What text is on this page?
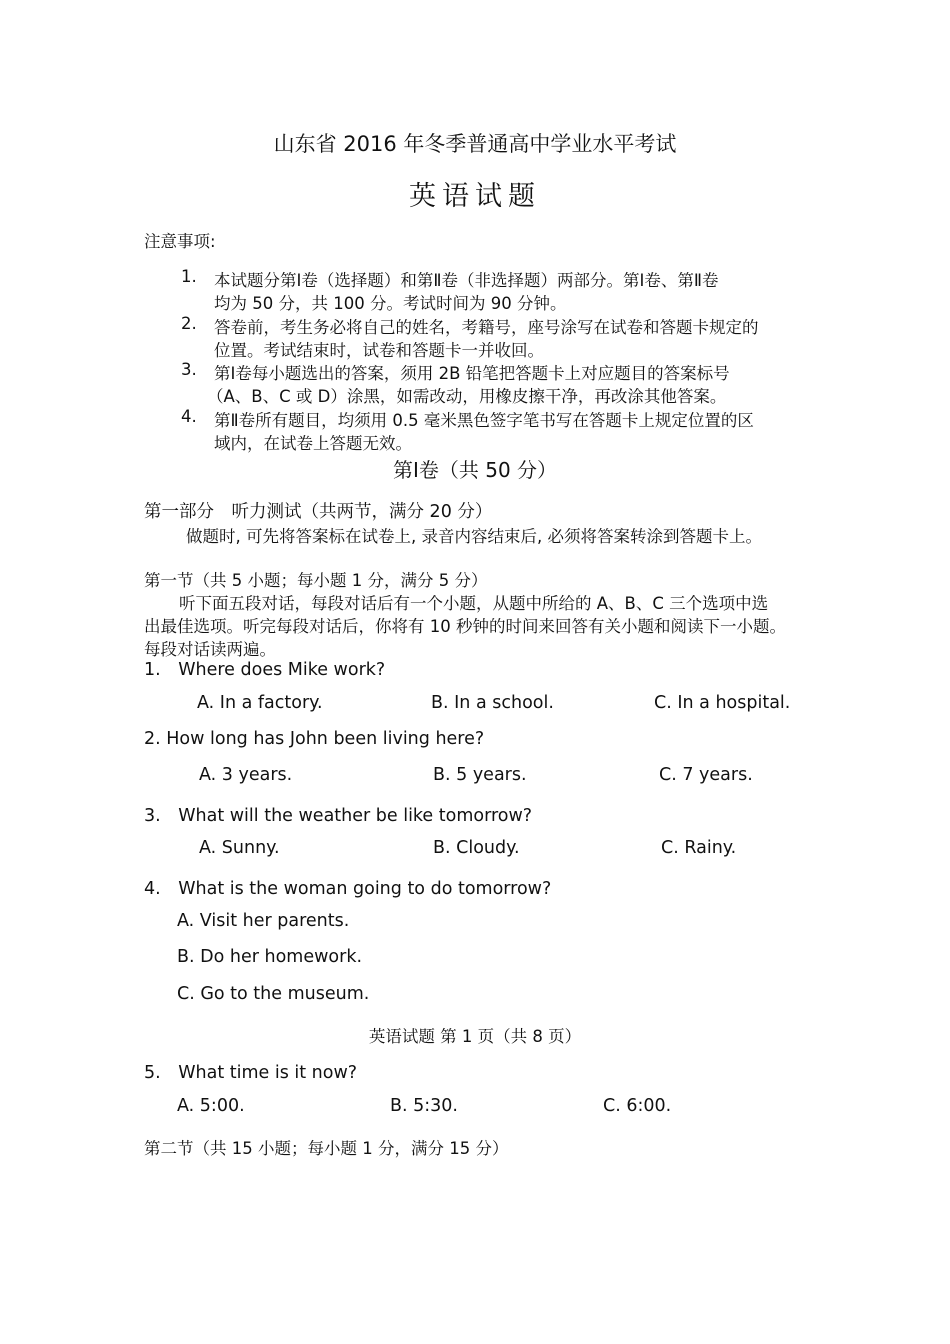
山东省 2016 年冬季普通高中学业水平考试
英语试题
注意事项:
1. 本试题分第Ⅰ卷（选择题）和第Ⅱ卷（非选择题）两部分。第Ⅰ卷、第Ⅱ卷
均为 50 分，共 100 分。考试时间为 90 分钟。
2. 答卷前，考生务必将自己的姓名，考籍号，座号涂写在试卷和答题卡规定的
位置。考试结束时，试卷和答题卡一并收回。
3. 第Ⅰ卷每小题选出的答案，须用 2B 铅笔把答题卡上对应题目的答案标号
（A、B、C 或 D）涂黑，如需改动，用橡皮擦干净，再改涂其他答案。
4. 第Ⅱ卷所有题目，均须用 0.5 毫米黑色签字笔书写在答题卡上规定位置的区
域内，在试卷上答题无效。
第Ⅰ卷（共 50 分）
第一部分　听力测试（共两节，满分 20 分）
做题时, 可先将答案标在试卷上, 录音内容结束后, 必须将答案转涂到答题卡上。
第一节（共 5 小题；每小题 1 分，满分 5 分）
听下面五段对话，每段对话后有一个小题，从题中所给的 A、B、C 三个选项中选
出最佳选项。听完每段对话后，你将有 10 秒钟的时间来回答有关小题和阅读下一小题。
每段对话读两遍。
1.　Where does Mike work?
A. In a factory.	B. In a school.	C. In a hospital.
2. How long has John been living here?
A. 3 years.	B. 5 years.	C. 7 years.
3.　What will the weather be like tomorrow?
A. Sunny.	B. Cloudy.	C. Rainy.
4.　What is the woman going to do tomorrow?
A. Visit her parents.
B. Do her homework.
C. Go to the museum.
英语试题 第 1 页（共 8 页）
5.　What time is it now?
A. 5:00.	B. 5:30.	C. 6:00.
第二节（共 15 小题；每小题 1 分，满分 15 分）
